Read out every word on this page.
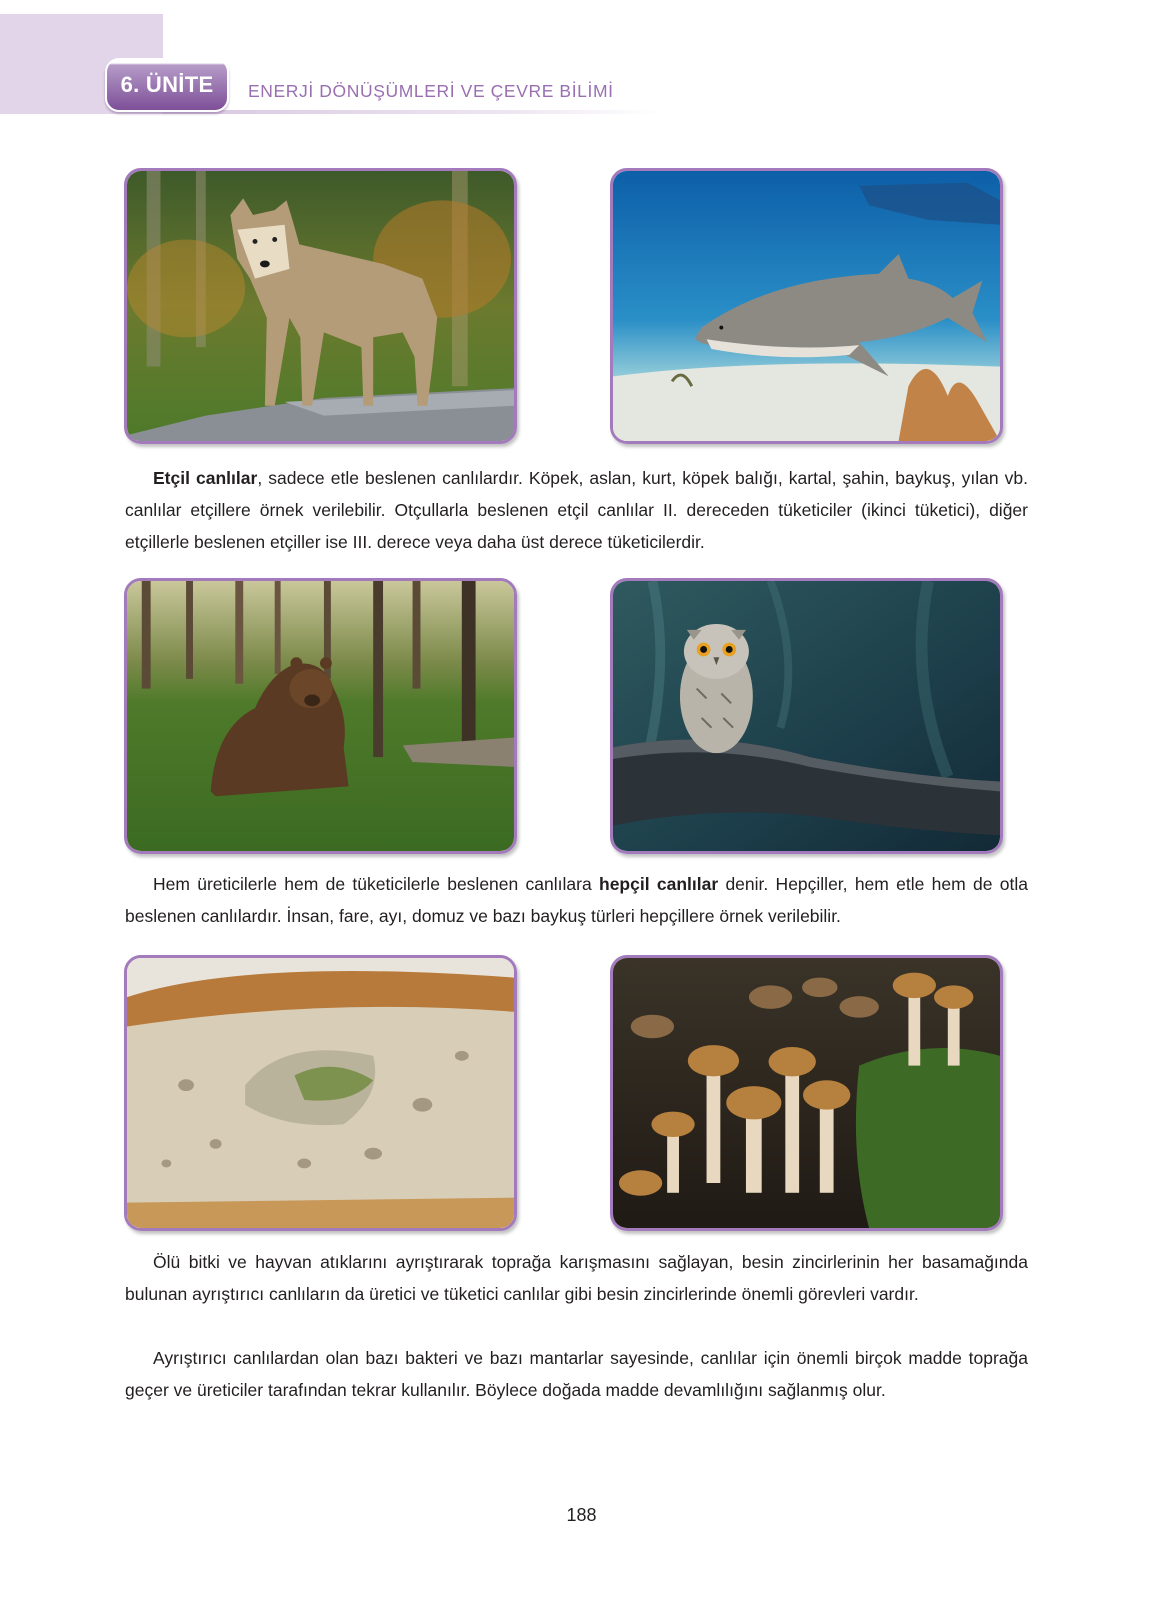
6. ÜNİTE	ENERJİ DÖNÜŞÜMLERİ VE ÇEVRE BİLİMİ
Etçil canlılar, sadece etle beslenen canlılardır. Köpek, aslan, kurt, köpek balığı, kartal, şahin, baykuş, yılan vb. canlılar etçillere örnek verilebilir. Otçullarla beslenen etçil canlılar II. dereceden tüketiciler (ikinci tüketici), diğer etçillerle beslenen etçiller ise III. derece veya daha üst derece tüketicilerdir.
Hem üreticilerle hem de tüketicilerle beslenen canlılara hepçil canlılar denir. Hepçiller, hem etle hem de otla beslenen canlılardır. İnsan, fare, ayı, domuz ve bazı baykuş türleri hepçillere örnek verilebilir.
Ölü bitki ve hayvan atıklarını ayrıştırarak toprağa karışmasını sağlayan, besin zincirlerinin her basamağında bulunan ayrıştırıcı canlıların da üretici ve tüketici canlılar gibi besin zincirlerinde önemli görevleri vardır.
Ayrıştırıcı canlılardan olan bazı bakteri ve bazı mantarlar sayesinde, canlılar için önemli birçok madde toprağa geçer ve üreticiler tarafından tekrar kullanılır. Böylece doğada madde devamlılığını sağlanmış olur.
188
